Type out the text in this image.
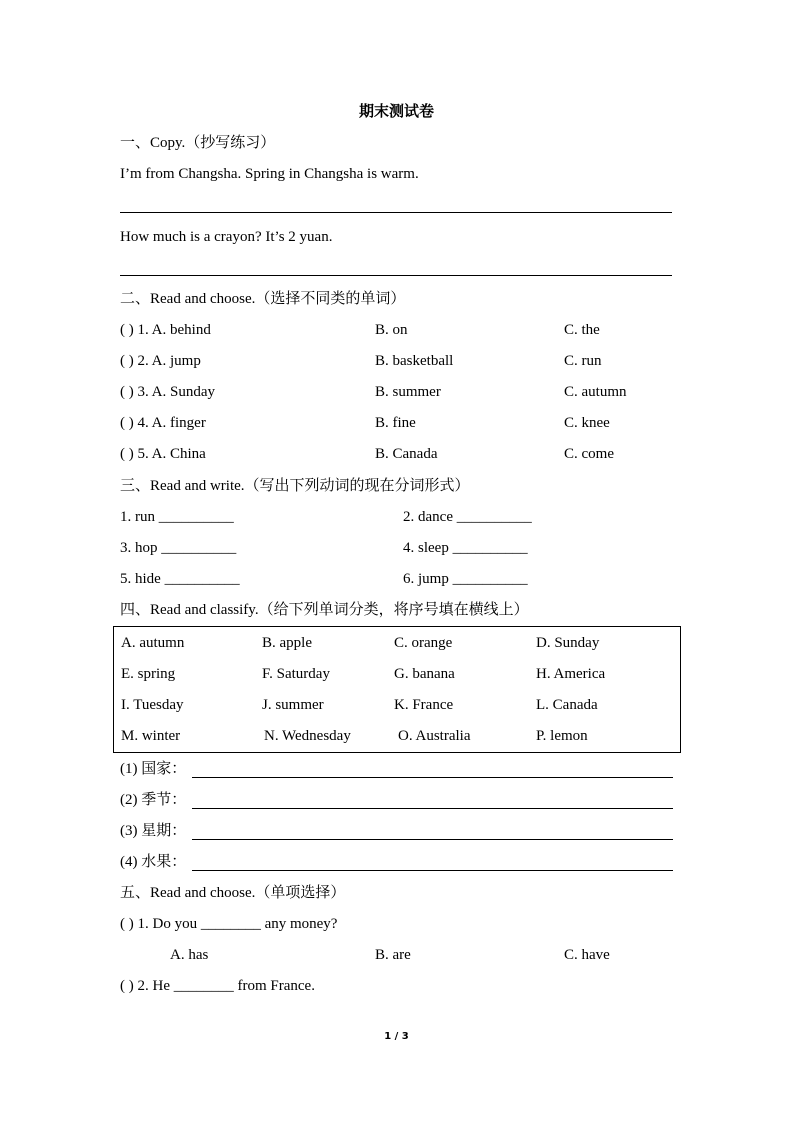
期末测试卷
一、Copy.（抄写练习）
I’m from Changsha. Spring in Changsha is warm.
How much is a crayon? It’s 2 yuan.
二、Read and choose.（选择不同类的单词）
( ) 1. A. behind	B. on	C. the
( ) 2. A. jump	B. basketball	C. run
( ) 3. A. Sunday	B. summer	C. autumn
( ) 4. A. finger	B. fine	C. knee
( ) 5. A. China	B. Canada	C. come
三、Read and write.（写出下列动词的现在分词形式）
1. run __________	2. dance __________
3. hop __________	4. sleep __________
5. hide __________	6. jump __________
四、Read and classify.（给下列单词分类，将序号填在横线上）
A. autumn	B. apple	C. orange	D. Sunday
E. spring	F. Saturday	G. banana	H. America
I. Tuesday	J. summer	K. France	L. Canada
M. winter	N. Wednesday	O. Australia	P. lemon
(1) 国家：
(2) 季节：
(3) 星期：
(4) 水果：
五、Read and choose.（单项选择）
( ) 1. Do you ________ any money?
A. has	B. are	C. have
( ) 2. He ________ from France.
1 / 3
